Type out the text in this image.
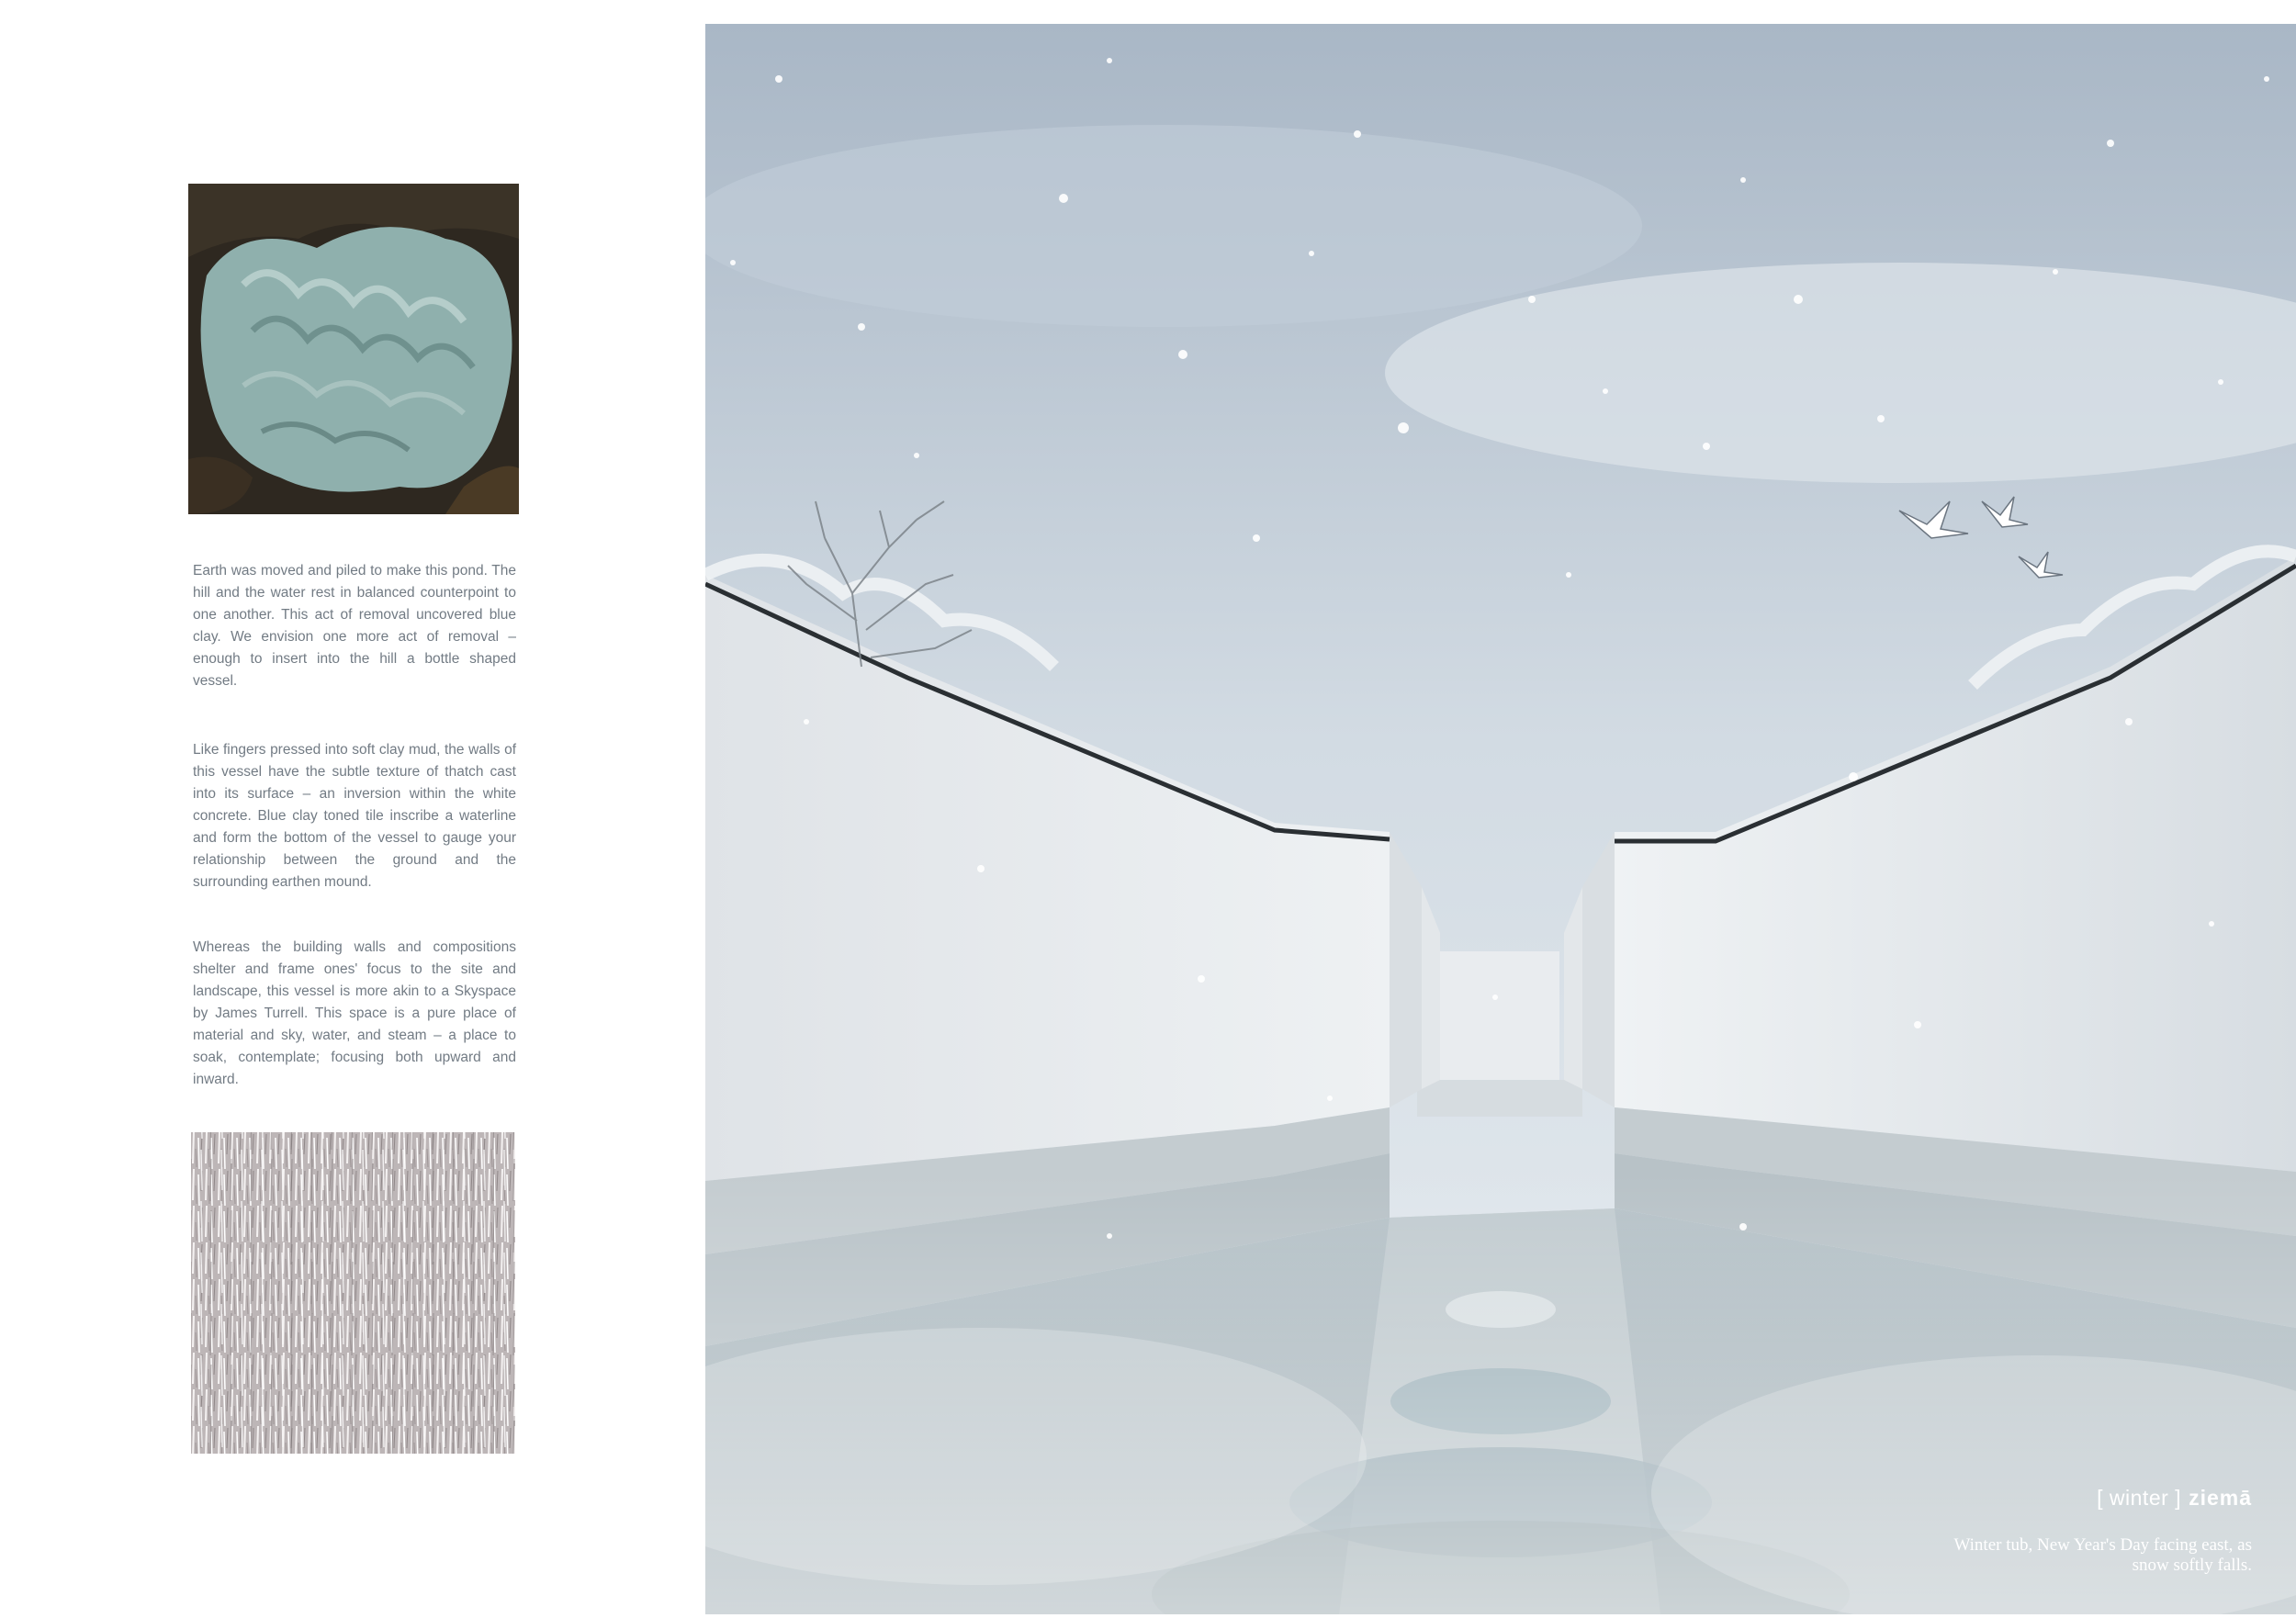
Earth was moved and piled to make this pond. The hill and the water rest in balanced counterpoint to one another. This act of removal uncovered blue clay. We envision one more act of removal – enough to insert into the hill a bottle shaped vessel.

Like fingers pressed into soft clay mud, the walls of this vessel have the subtle texture of thatch cast into its surface – an inversion within the white concrete. Blue clay toned tile inscribe a waterline and form the bottom of the vessel to gauge your relationship between the ground and the surrounding earthen mound.

Whereas the building walls and compositions shelter and frame ones' focus to the site and landscape, this vessel is more akin to a Skyspace by James Turrell. This space is a pure place of material and sky, water, and steam – a place to soak, contemplate; focusing both upward and inward.

[ winter ] ziemā
Winter tub, New Year's Day facing east, as snow softly falls.
